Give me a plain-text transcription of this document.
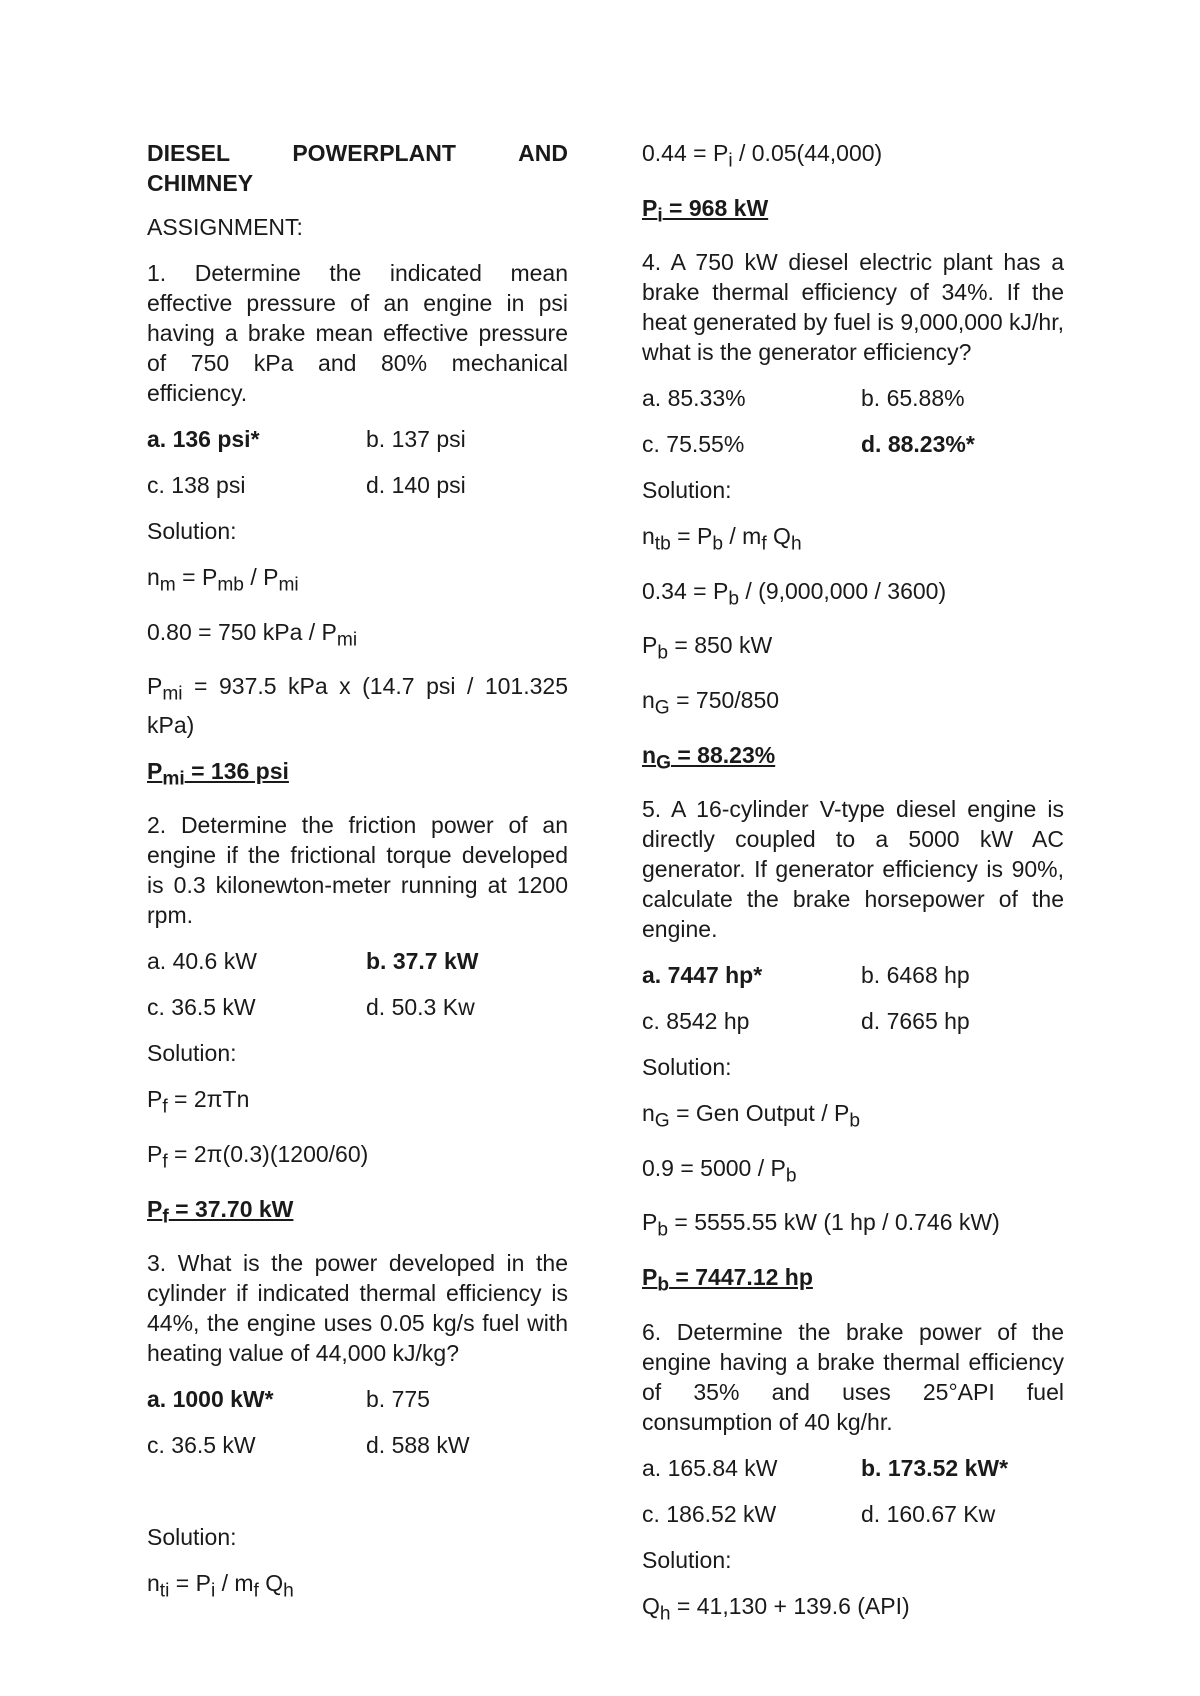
DIESEL	POWERPLANT	AND
CHIMNEY

ASSIGNMENT:

1. Determine the indicated mean effective pressure of an engine in psi having a brake mean effective pressure of 750 kPa and 80% mechanical efficiency.

a. 136 psi*	b. 137 psi
c. 138 psi	d. 140 psi

Solution:

$n_m = P_{mb} / P_{mi}$

0.80 = 750 kPa / $P_{mi}$

$P_{mi} = 937.5$ kPa x (14.7 psi / 101.325 kPa)

$P_{mi} = 136$ psi

2. Determine the friction power of an engine if the frictional torque developed is 0.3 kilonewton-meter running at 1200 rpm.

a. 40.6 kW	b. 37.7 kW
c. 36.5 kW	d. 50.3 Kw

Solution:

$P_f = 2\pi Tn$

$P_f = 2\pi(0.3)(1200/60)$

$P_f = 37.70$ kW

3. What is the power developed in the cylinder if indicated thermal efficiency is 44%, the engine uses 0.05 kg/s fuel with heating value of 44,000 kJ/kg?

a. 1000 kW*	b. 775
c. 36.5 kW	d. 588 kW

Solution:

$n_{ti} = P_i / m_f$ $Q_h$

$0.44 = P_i / 0.05(44,000)$

$P_i = 968$ kW

4. A 750 kW diesel electric plant has a brake thermal efficiency of 34%. If the heat generated by fuel is 9,000,000 kJ/hr, what is the generator efficiency?

a. 85.33%	b. 65.88%
c. 75.55%	d. 88.23%*

Solution:

$n_{tb} = P_b / m_f$ $Q_h$

$0.34 = P_b / (9,000,000 / 3600)$

$P_b = 850$ kW

$n_G = 750/850$

$n_G = 88.23\%$

5. A 16-cylinder V-type diesel engine is directly coupled to a 5000 kW AC generator. If generator efficiency is 90%, calculate the brake horsepower of the engine.

a. 7447 hp*	b. 6468 hp
c. 8542 hp	d. 7665 hp

Solution:

$n_G$ = Gen Output / $P_b$

$0.9 = 5000 / P_b$

$P_b = 5555.55$ kW (1 hp / 0.746 kW)

$P_b = 7447.12$ hp

6. Determine the brake power of the engine having a brake thermal efficiency of 35% and uses 25°API fuel consumption of 40 kg/hr.

a. 165.84 kW	b. 173.52 kW*
c. 186.52 kW	d. 160.67 Kw

Solution:

$Q_h = 41,130 + 139.6$ (API)
